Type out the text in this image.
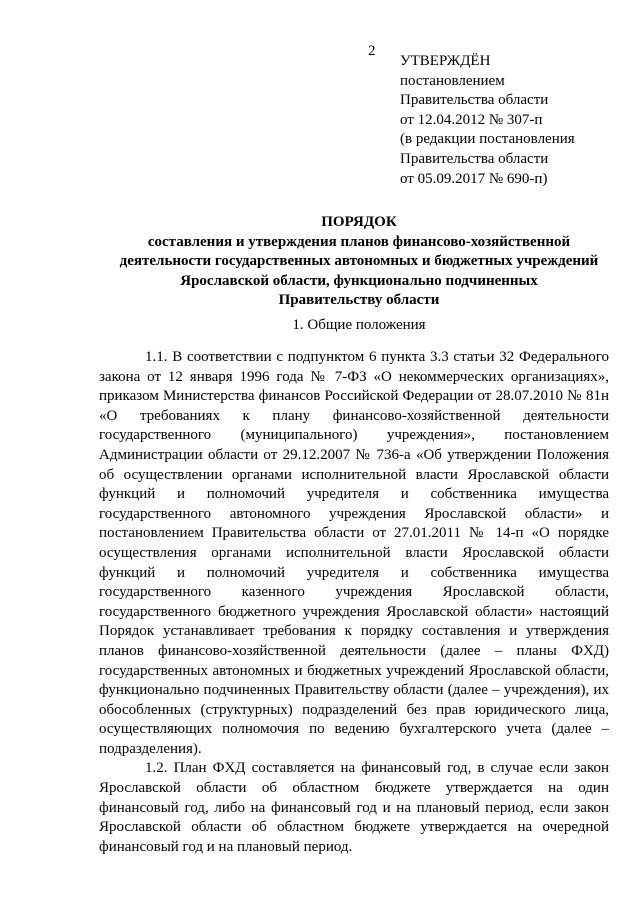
2
УТВЕРЖДЁН
постановлением
Правительства области
от 12.04.2012 № 307-п
(в редакции постановления
Правительства области
от 05.09.2017 № 690-п)
ПОРЯДОК
составления и утверждения планов финансово-хозяйственной
деятельности государственных автономных и бюджетных учреждений
Ярославской области, функционально подчиненных
Правительству области
1. Общие положения

1.1. В соответствии с подпунктом 6 пункта 3.3 статьи 32 Федерального закона от 12 января 1996 года № 7-ФЗ «О некоммерческих организациях», приказом Министерства финансов Российской Федерации от 28.07.2010 № 81н «О требованиях к плану финансово-хозяйственной деятельности государственного (муниципального) учреждения», постановлением Администрации области от 29.12.2007 № 736-а «Об утверждении Положения об осуществлении органами исполнительной власти Ярославской области функций и полномочий учредителя и собственника имущества государственного автономного учреждения Ярославской области» и постановлением Правительства области от 27.01.2011 № 14-п «О порядке осуществления органами исполнительной власти Ярославской области функций и полномочий учредителя и собственника имущества государственного казенного учреждения Ярославской области, государственного бюджетного учреждения Ярославской области» настоящий Порядок устанавливает требования к порядку составления и утверждения планов финансово-хозяйственной деятельности (далее – планы ФХД) государственных автономных и бюджетных учреждений Ярославской области, функционально подчиненных Правительству области (далее – учреждения), их обособленных (структурных) подразделений без прав юридического лица, осуществляющих полномочия по ведению бухгалтерского учета (далее – подразделения).

1.2. План ФХД составляется на финансовый год, в случае если закон Ярославской области об областном бюджете утверждается на один финансовый год, либо на финансовый год и на плановый период, если закон Ярославской области об областном бюджете утверждается на очередной финансовый год и на плановый период.
